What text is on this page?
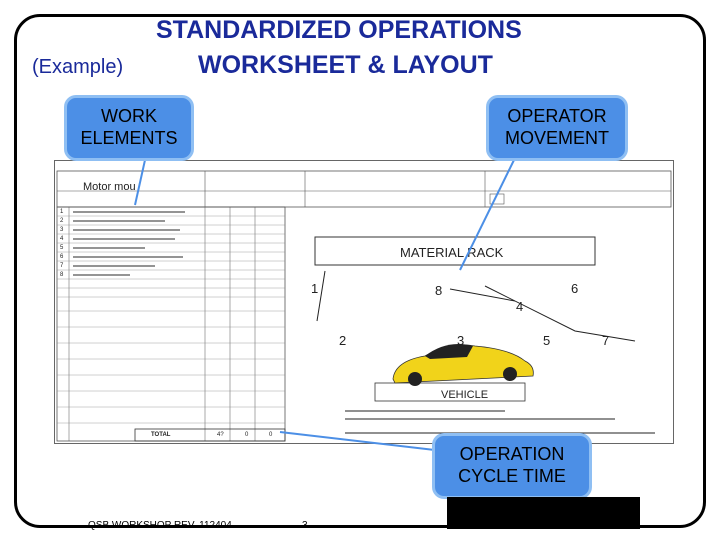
STANDARDIZED OPERATIONS
WORKSHEET & LAYOUT
(Example)
Motor mou
MATERIAL RACK
VEHICLE
TOTAL	4?	0	0
1
2
3
4
5
6
7
8
1
2	3
4
5
6
7
8
WORK ELEMENTS
OPERATOR MOVEMENT
OPERATION CYCLE TIME
QSB WORKSHOP REV. 112404	3
